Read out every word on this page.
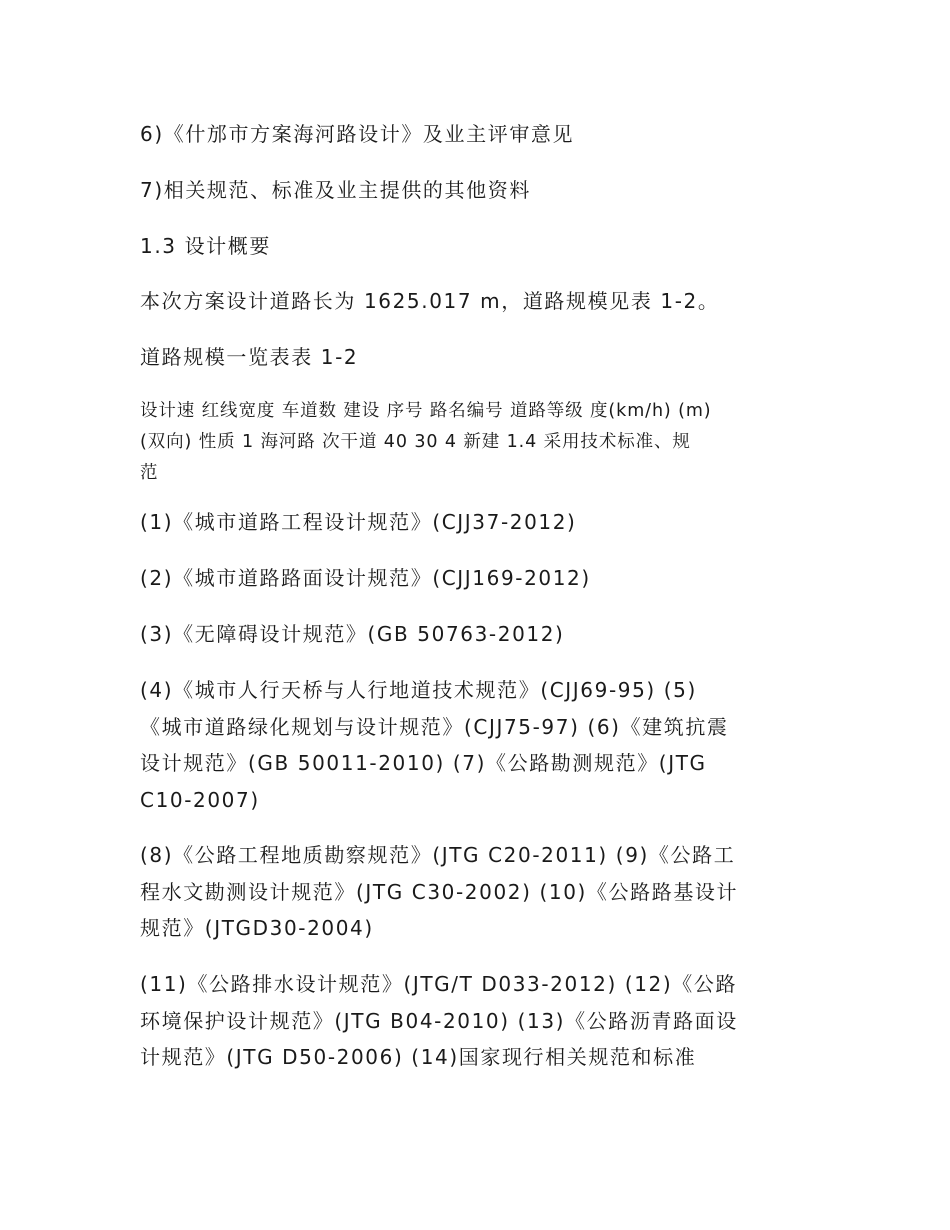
6)《什邡市方案海河路设计》及业主评审意见
7)相关规范、标准及业主提供的其他资料
1.3 设计概要
本次方案设计道路长为 1625.017 m，道路规模见表 1-2。
道路规模一览表表 1-2
设计速 红线宽度 车道数 建设 序号 路名编号 道路等级 度(km/h) (m)
(双向) 性质 1 海河路 次干道 40 30 4 新建 1.4 采用技术标准、规
范
(1)《城市道路工程设计规范》(CJJ37-2012)
(2)《城市道路路面设计规范》(CJJ169-2012)
(3)《无障碍设计规范》(GB 50763-2012)
(4)《城市人行天桥与人行地道技术规范》(CJJ69-95) (5)
《城市道路绿化规划与设计规范》(CJJ75-97) (6)《建筑抗震
设计规范》(GB 50011-2010) (7)《公路勘测规范》(JTG
C10-2007)
(8)《公路工程地质勘察规范》(JTG C20-2011) (9)《公路工
程水文勘测设计规范》(JTG C30-2002) (10)《公路路基设计
规范》(JTGD30-2004)
(11)《公路排水设计规范》(JTG/T D033-2012) (12)《公路
环境保护设计规范》(JTG B04-2010) (13)《公路沥青路面设
计规范》(JTG D50-2006) (14)国家现行相关规范和标准
